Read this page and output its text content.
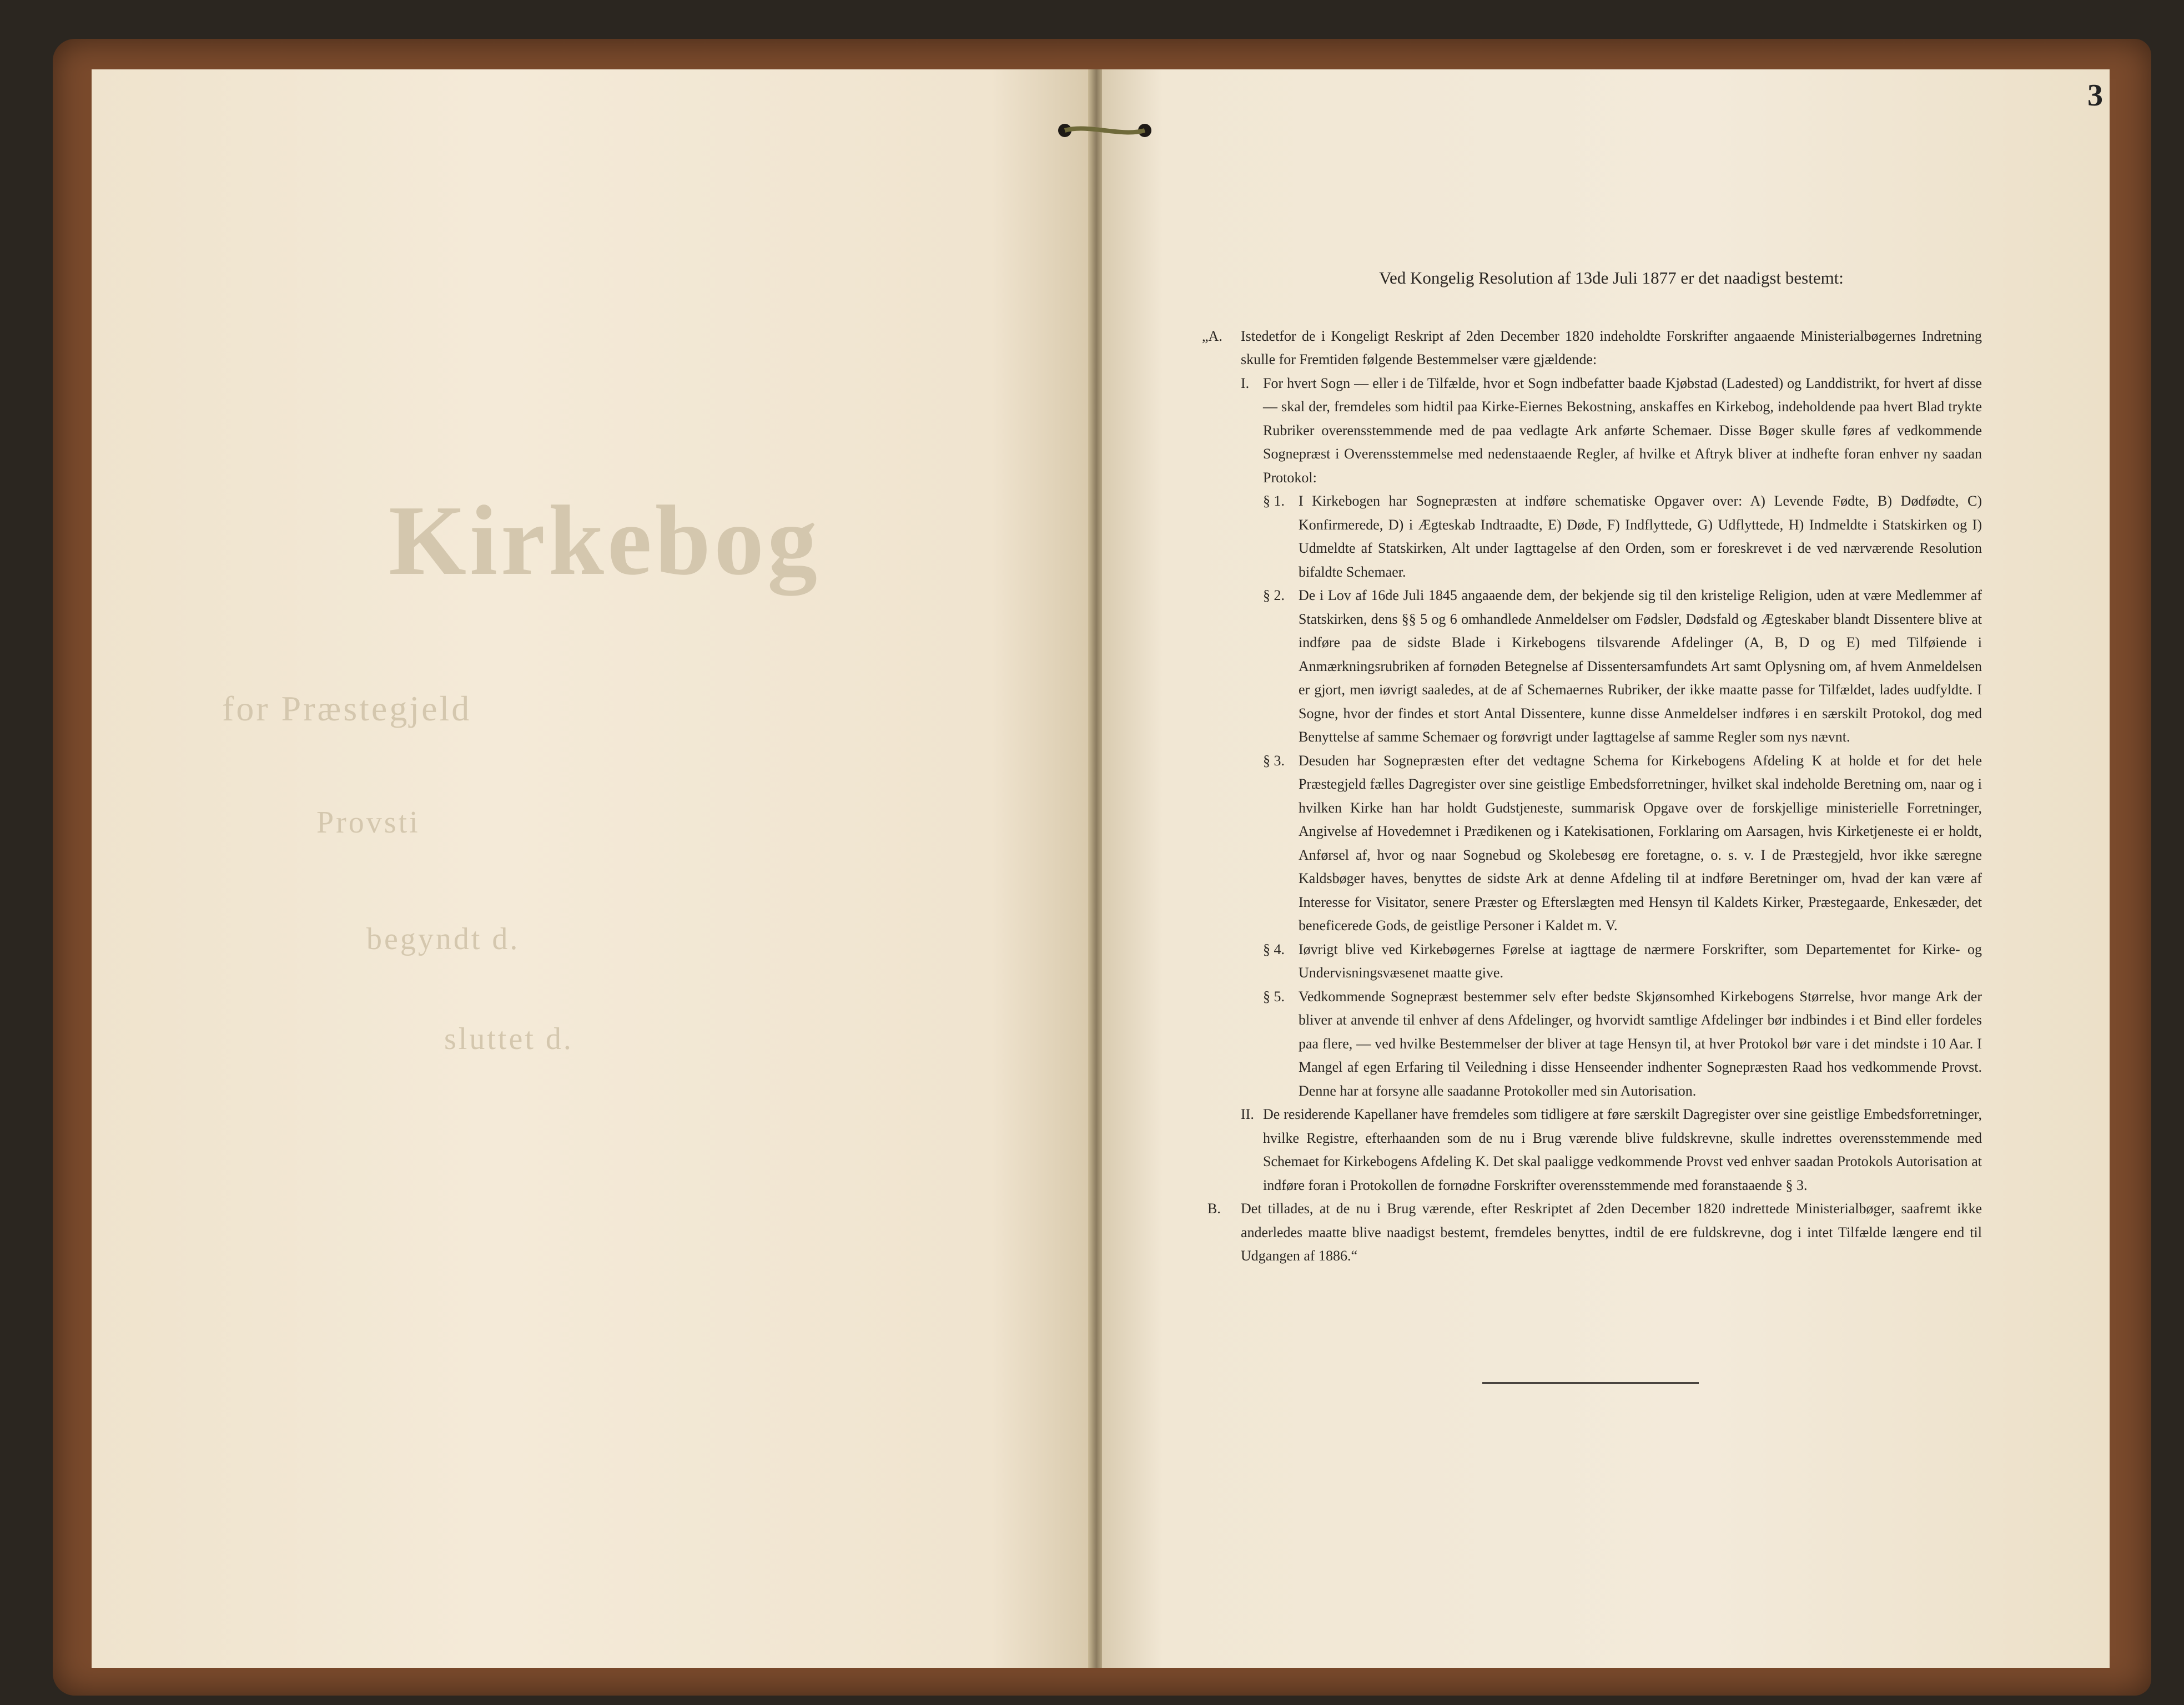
Kirkebog
for Præstegjeld
Provsti
begyndt d.
sluttet d.
3
Ved Kongelig Resolution af 13de Juli 1877 er det naadigst bestemt:
„A.	Istedetfor de i Kongeligt Reskript af 2den December 1820 indeholdte Forskrifter angaaende Ministerialbøgernes Indretning skulle for Fremtiden følgende Bestemmelser være gjældende:
I. For hvert Sogn — eller i de Tilfælde, hvor et Sogn indbefatter baade Kjøbstad (Ladested) og Landdistrikt, for hvert af disse — skal der, fremdeles som hidtil paa Kirke-Eiernes Bekostning, anskaffes en Kirkebog, indeholdende paa hvert Blad trykte Rubriker overensstemmende med de paa vedlagte Ark anførte Schemaer. Disse Bøger skulle føres af vedkommende Sognepræst i Overensstemmelse med nedenstaaende Regler, af hvilke et Aftryk bliver at indhefte foran enhver ny saadan Protokol:
§ 1. I Kirkebogen har Sognepræsten at indføre schematiske Opgaver over: A) Levende Fødte, B) Dødfødte, C) Konfirmerede, D) i Ægteskab Indtraadte, E) Døde, F) Indflyttede, G) Udflyttede, H) Indmeldte i Statskirken og I) Udmeldte af Statskirken, Alt under Iagttagelse af den Orden, som er foreskrevet i de ved nærværende Resolution bifaldte Schemaer.
§ 2. De i Lov af 16de Juli 1845 angaaende dem, der bekjende sig til den kristelige Religion, uden at være Medlemmer af Statskirken, dens §§ 5 og 6 omhandlede Anmeldelser om Fødsler, Dødsfald og Ægteskaber blandt Dissentere blive at indføre paa de sidste Blade i Kirkebogens tilsvarende Afdelinger (A, B, D og E) med Tilføiende i Anmærkningsrubriken af fornøden Betegnelse af Dissentersamfundets Art samt Oplysning om, af hvem Anmeldelsen er gjort, men iøvrigt saaledes, at de af Schemaernes Rubriker, der ikke maatte passe for Tilfældet, lades uudfyldte. I Sogne, hvor der findes et stort Antal Dissentere, kunne disse Anmeldelser indføres i en særskilt Protokol, dog med Benyttelse af samme Schemaer og forøvrigt under Iagttagelse af samme Regler som nys nævnt.
§ 3. Desuden har Sognepræsten efter det vedtagne Schema for Kirkebogens Afdeling K at holde et for det hele Præstegjeld fælles Dagregister over sine geistlige Embedsforretninger, hvilket skal indeholde Beretning om, naar og i hvilken Kirke han har holdt Gudstjeneste, summarisk Opgave over de forskjellige ministerielle Forretninger, Angivelse af Hovedemnet i Prædikenen og i Katekisationen, Forklaring om Aarsagen, hvis Kirketjeneste ei er holdt, Anførsel af, hvor og naar Sognebud og Skolebesøg ere foretagne, o. s. v. I de Præstegjeld, hvor ikke særegne Kaldsbøger haves, benyttes de sidste Ark at denne Afdeling til at indføre Beretninger om, hvad der kan være af Interesse for Visitator, senere Præster og Efterslægten med Hensyn til Kaldets Kirker, Præstegaarde, Enkesæder, det beneficerede Gods, de geistlige Personer i Kaldet m. V.
§ 4. Iøvrigt blive ved Kirkebøgernes Førelse at iagttage de nærmere Forskrifter, som Departementet for Kirke- og Undervisningsvæsenet maatte give.
§ 5. Vedkommende Sognepræst bestemmer selv efter bedste Skjønsomhed Kirkebogens Størrelse, hvor mange Ark der bliver at anvende til enhver af dens Afdelinger, og hvorvidt samtlige Afdelinger bør indbindes i et Bind eller fordeles paa flere, — ved hvilke Bestemmelser der bliver at tage Hensyn til, at hver Protokol bør vare i det mindste i 10 Aar. I Mangel af egen Erfaring til Veiledning i disse Henseender indhenter Sognepræsten Raad hos vedkommende Provst. Denne har at forsyne alle saadanne Protokoller med sin Autorisation.
II. De residerende Kapellaner have fremdeles som tidligere at føre særskilt Dagregister over sine geistlige Embedsforretninger, hvilke Registre, efterhaanden som de nu i Brug værende blive fuldskrevne, skulle indrettes overensstemmende med Schemaet for Kirkebogens Afdeling K. Det skal paaligge vedkommende Provst ved enhver saadan Protokols Autorisation at indføre foran i Protokollen de fornødne Forskrifter overensstemmende med foranstaaende § 3.
B.	Det tillades, at de nu i Brug værende, efter Reskriptet af 2den December 1820 indrettede Ministerialbøger, saafremt ikke anderledes maatte blive naadigst bestemt, fremdeles benyttes, indtil de ere fuldskrevne, dog i intet Tilfælde længere end til Udgangen af 1886.“
